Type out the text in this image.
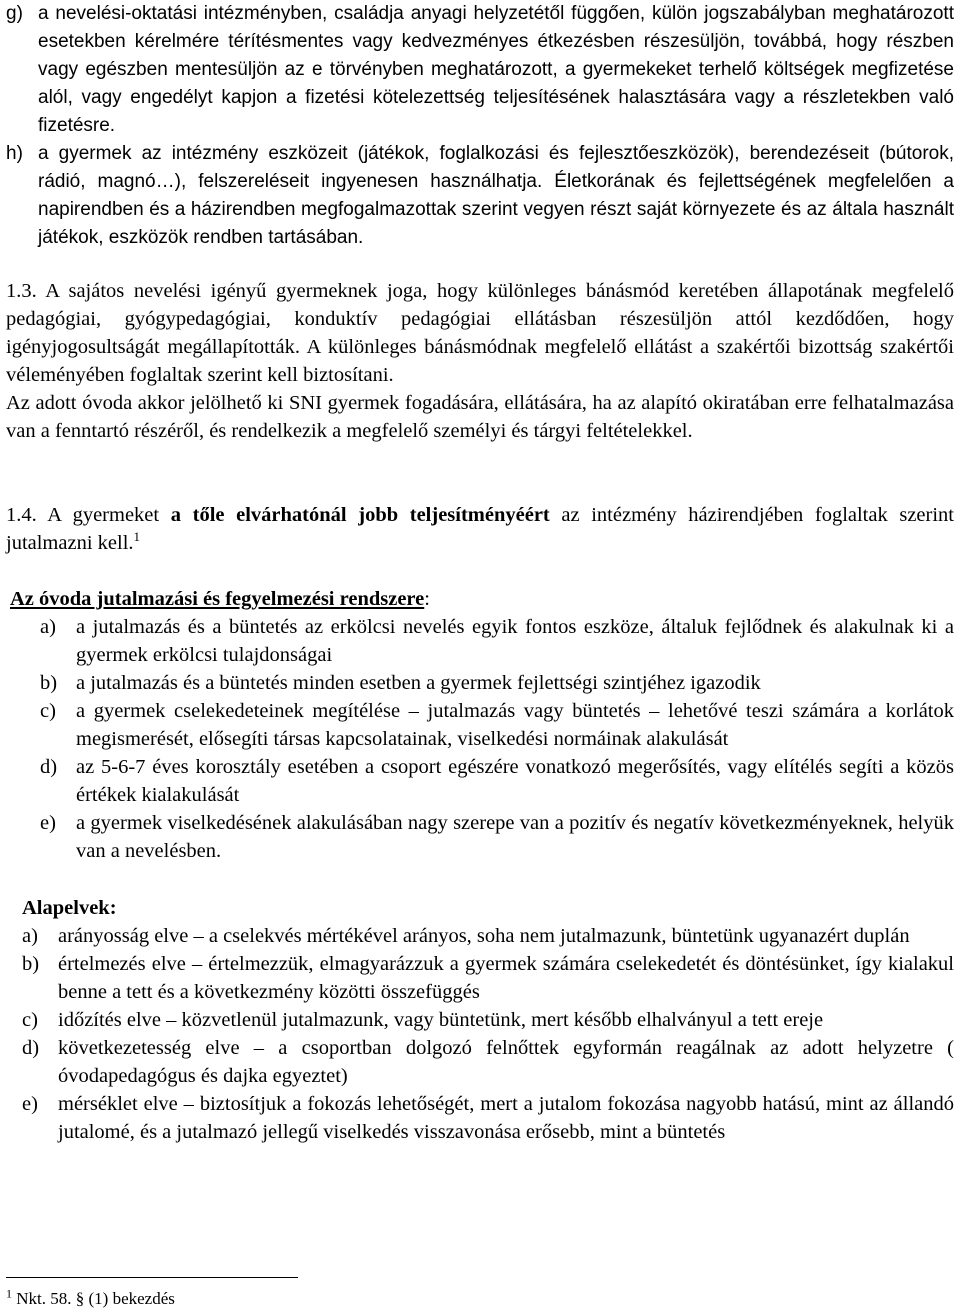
g) a nevelési-oktatási intézményben, családja anyagi helyzetétől függően, külön jogszabályban meghatározott esetekben kérelmére térítésmentes vagy kedvezményes étkezésben részesüljön, továbbá, hogy részben vagy egészben mentesüljön az e törvényben meghatározott, a gyermekeket terhelő költségek megfizetése alól, vagy engedélyt kapjon a fizetési kötelezettség teljesítésének halasztására vagy a részletekben való fizetésre.
h) a gyermek az intézmény eszközeit (játékok, foglalkozási és fejlesztőeszközök), berendezéseit (bútorok, rádió, magnó…), felszereléseit ingyenesen használhatja. Életkorának és fejlettségének megfelelően a napirendben és a házirendben megfogalmazottak szerint vegyen részt saját környezete és az általa használt játékok, eszközök rendben tartásában.

1.3. A sajátos nevelési igényű gyermeknek joga, hogy különleges bánásmód keretében állapotának megfelelő pedagógiai, gyógypedagógiai, konduktív pedagógiai ellátásban részesüljön attól kezdődően, hogy igényjogosultságát megállapították. A különleges bánásmódnak megfelelő ellátást a szakértői bizottság szakértői véleményében foglaltak szerint kell biztosítani.

Az adott óvoda akkor jelölhető ki SNI gyermek fogadására, ellátására, ha az alapító okiratában erre felhatalmazása van a fenntartó részéről, és rendelkezik a megfelelő személyi és tárgyi feltételekkel.

1.4. A gyermeket a tőle elvárhatónál jobb teljesítményéért az intézmény házirendjében foglaltak szerint jutalmazni kell.$^1$

Az óvoda jutalmazási és fegyelmezési rendszere:

a) a jutalmazás és a büntetés az erkölcsi nevelés egyik fontos eszköze, általuk fejlődnek és alakulnak ki a gyermek erkölcsi tulajdonságai
b) a jutalmazás és a büntetés minden esetben a gyermek fejlettségi szintjéhez igazodik
c) a gyermek cselekedeteinek megítélése – jutalmazás vagy büntetés – lehetővé teszi számára a korlátok megismerését, elősegíti társas kapcsolatainak, viselkedési normáinak alakulását
d) az 5-6-7 éves korosztály esetében a csoport egészére vonatkozó megerősítés, vagy elítélés segíti a közös értékek kialakulását
e) a gyermek viselkedésének alakulásában nagy szerepe van a pozitív és negatív következményeknek, helyük van a nevelésben.

Alapelvek:

a) arányosság elve – a cselekvés mértékével arányos, soha nem jutalmazunk, büntetünk ugyanazért duplán
b) értelmezés elve – értelmezzük, elmagyarázzuk a gyermek számára cselekedetét és döntésünket, így kialakul benne a tett és a következmény közötti összefüggés
c) időzítés elve – közvetlenül jutalmazunk, vagy büntetünk, mert később elhalványul a tett ereje
d) következetesség elve – a csoportban dolgozó felnőttek egyformán reagálnak az adott helyzetre ( óvodapedagógus és dajka egyeztet)
e) mérséklet elve – biztosítjuk a fokozás lehetőségét, mert a jutalom fokozása nagyobb hatású, mint az állandó jutalomé, és a jutalmazó jellegű viselkedés visszavonása erősebb, mint a büntetés
$^1$ Nkt. 58. § (1) bekezdés
